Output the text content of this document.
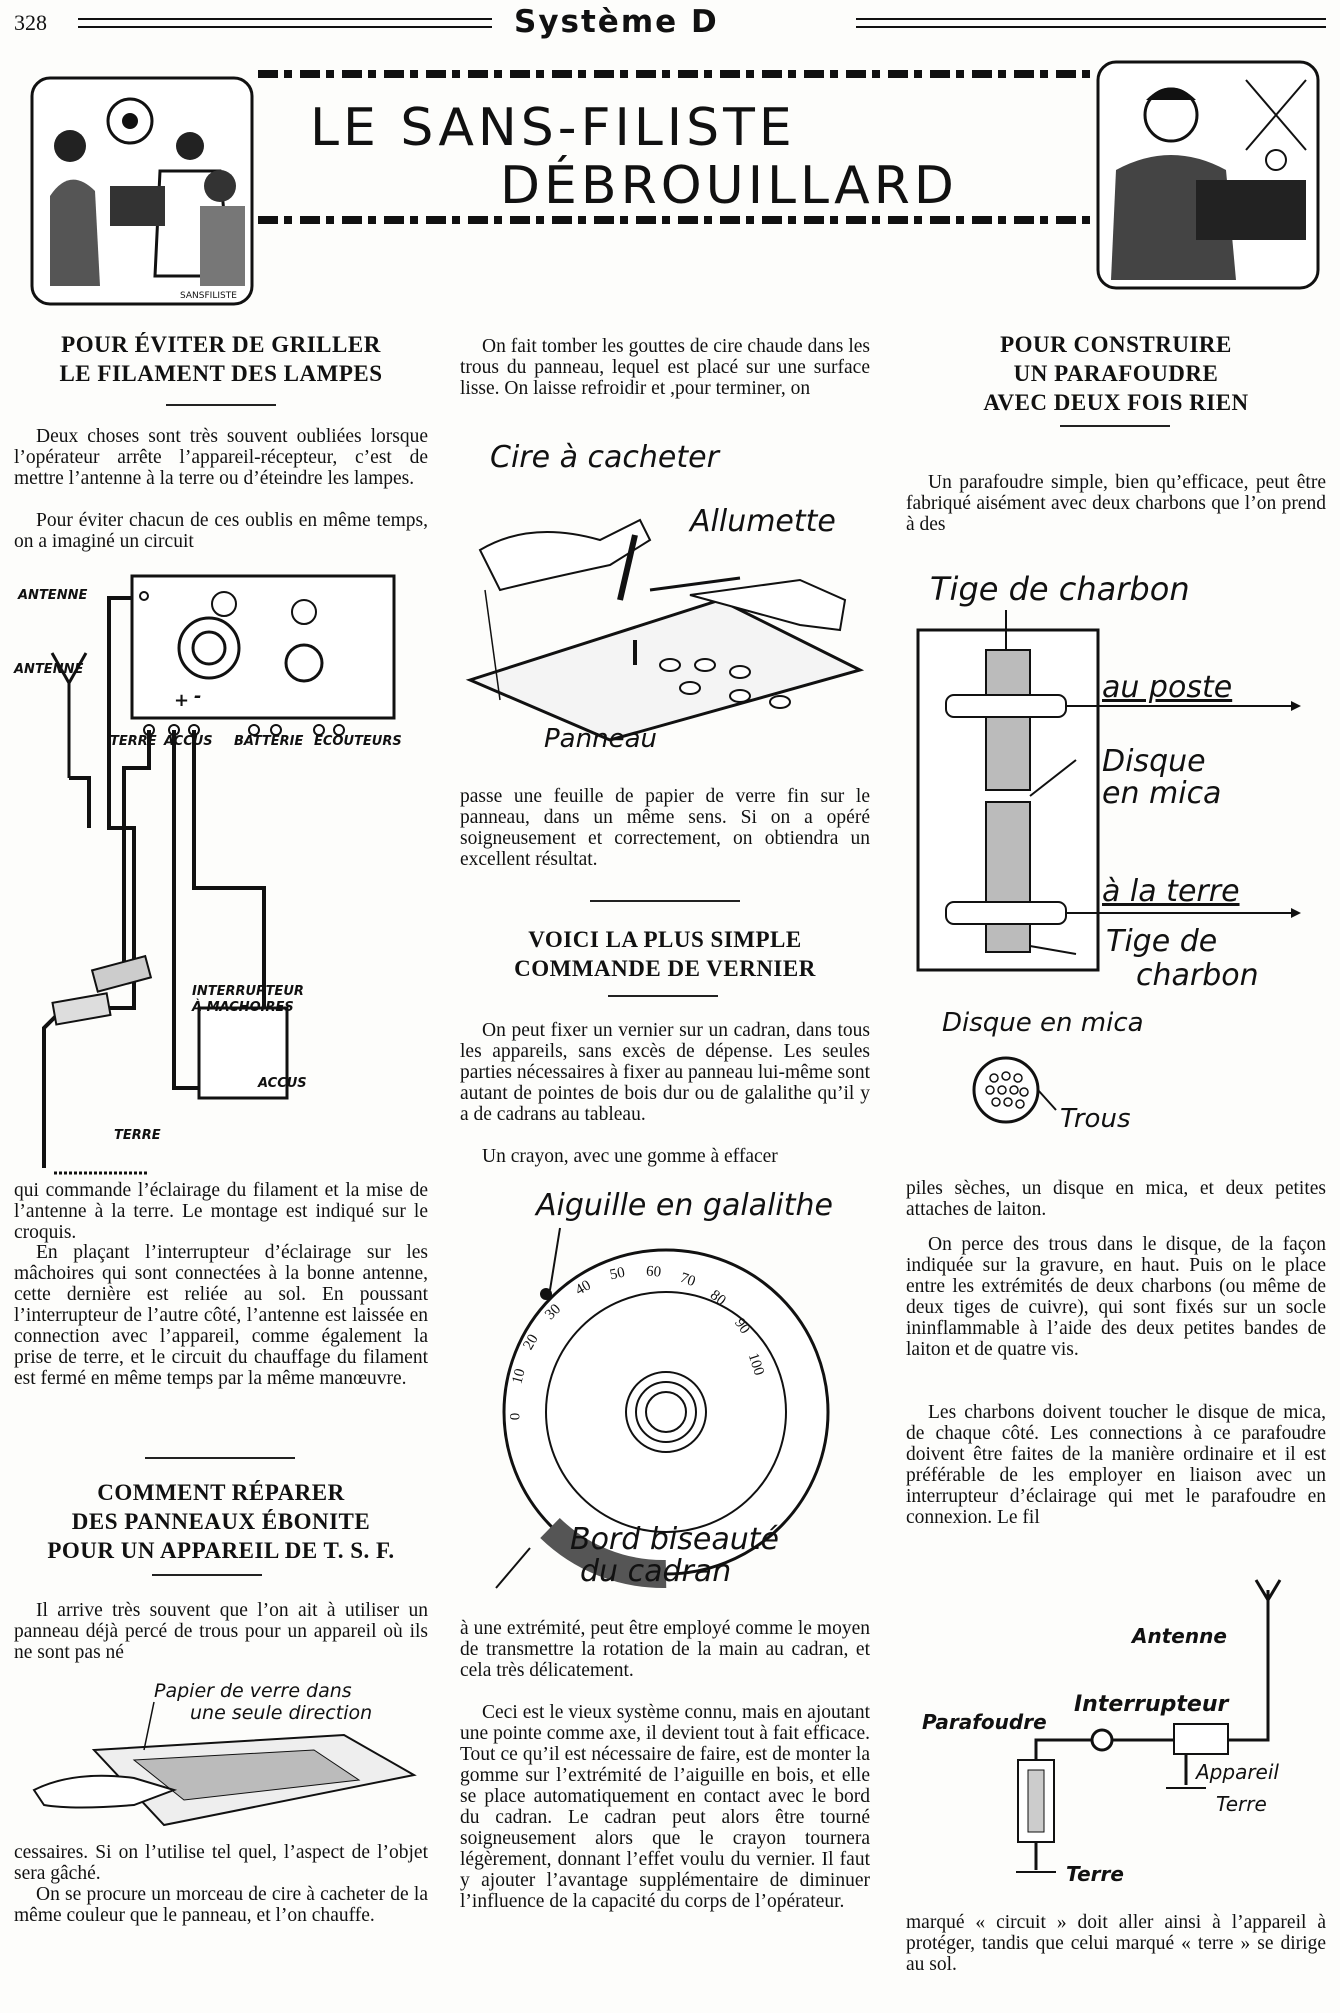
328	Système D
SANSFILISTE
LE SANS-FILISTE
DÉBROUILLARD
POUR ÉVITER DE GRILLER
LE FILAMENT DES LAMPES

Deux choses sont très souvent oubliées lorsque l’opérateur arrête l’appareil-récepteur, c’est de mettre l’antenne à la terre ou d’éteindre les lampes.

Pour éviter chacun de ces oublis en même temps, on a imaginé un circuit

ANTENNE
ANTENNE
TERRE ACCUS BATTERIE ECOUTEURS
+ -
INTERRUPTEUR
À MACHOIRES
ACCUS
TERRE

qui commande l’éclairage du filament et la mise de l’antenne à la terre. Le montage est indiqué sur le croquis.

En plaçant l’interrupteur d’éclairage sur les mâchoires qui sont connectées à la bonne antenne, cette dernière est reliée au sol. En poussant l’interrupteur de l’autre côté, l’antenne est laissée en connection avec l’appareil, comme également la prise de terre, et le circuit du chauffage du filament est fermé en même temps par la même manœuvre.

COMMENT RÉPARER
DES PANNEAUX ÉBONITE
POUR UN APPAREIL DE T. S. F.

Il arrive très souvent que l’on ait à utiliser un panneau déjà percé de trous pour un appareil où ils ne sont pas né

Papier de verre dans
une seule direction

cessaires. Si on l’utilise tel quel, l’aspect de l’objet sera gâché.

On se procure un morceau de cire à cacheter de la même couleur que le panneau, et l’on chauffe.

On fait tomber les gouttes de cire chaude dans les trous du panneau, lequel est placé sur une surface lisse. On laisse refroidir et ,pour terminer, on

Cire à cacheter
Allumette
Panneau

passe une feuille de papier de verre fin sur le panneau, dans un même sens. Si on a opéré soigneusement et correctement, on obtiendra un excellent résultat.

VOICI LA PLUS SIMPLE
COMMANDE DE VERNIER

On peut fixer un vernier sur un cadran, dans tous les appareils, sans excès de dépense. Les seules parties nécessaires à fixer au panneau lui-même sont autant de pointes de bois dur ou de galalithe qu’il y a de cadrans au tableau.

Un crayon, avec une gomme à effacer

Aiguille en galalithe
0
10
20
30
40
50 60 70
80
90
100
Bord biseauté
du cadran

à une extrémité, peut être employé comme le moyen de transmettre la rotation de la main au cadran, et cela très délicatement.

Ceci est le vieux système connu, mais en ajoutant une pointe comme axe, il devient tout à fait efficace. Tout ce qu’il est nécessaire de faire, est de monter la gomme sur l’extrémité de l’aiguille en bois, et elle se place automatiquement en contact avec le bord du cadran. Le cadran peut alors être tourné soigneusement alors que le crayon tournera légèrement, donnant l’effet voulu du vernier. Il faut y ajouter l’avantage supplémentaire de diminuer l’influence de la capacité du corps de l’opérateur.

POUR CONSTRUIRE
UN PARAFOUDRE
AVEC DEUX FOIS RIEN

Un parafoudre simple, bien qu’efficace, peut être fabriqué aisément avec deux charbons que l’on prend à des

Tige de charbon
au poste
Disque
en mica
à la terre
Tige de
charbon
Disque en mica
Trous

piles sèches, un disque en mica, et deux petites attaches de laiton.

On perce des trous dans le disque, de la façon indiquée sur la gravure, en haut. Puis on le place entre les extrémités de deux charbons (ou même de deux tiges de cuivre), qui sont fixés sur un socle ininflammable à l’aide des deux petites bandes de laiton et de quatre vis.

Les charbons doivent toucher le disque de mica, de chaque côté. Les connections à ce parafoudre doivent être faites de la manière ordinaire et il est préférable de les employer en liaison avec un interrupteur d’éclairage qui met le parafoudre en connexion. Le fil

Antenne
Interrupteur
Parafoudre
Appareil
Terre
Terre

marqué « circuit » doit aller ainsi à l’appareil à protéger, tandis que celui marqué « terre » se dirige au sol.
